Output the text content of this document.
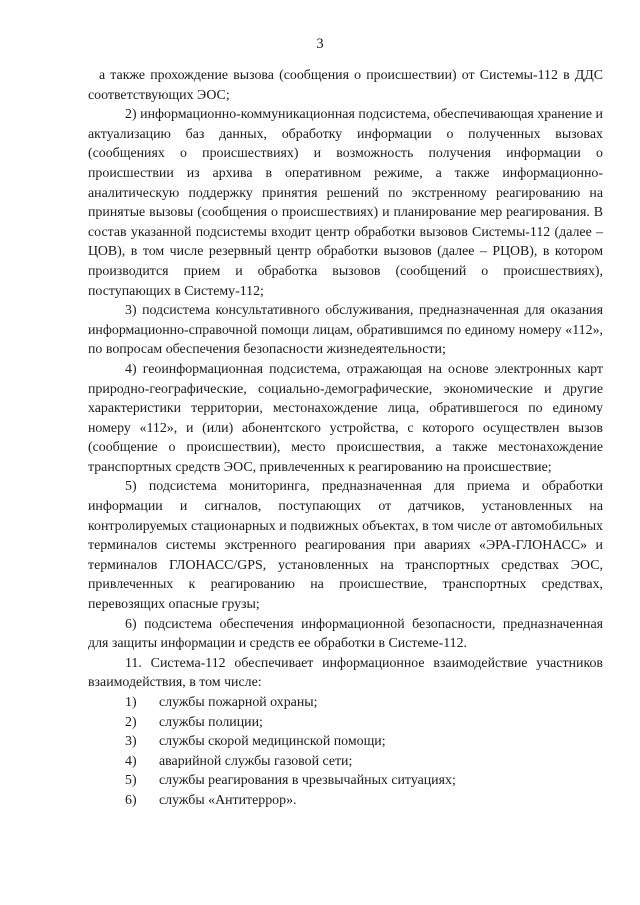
3

а также прохождение вызова (сообщения о происшествии) от Системы-112 в ДДС соответствующих ЭОС;

2) информационно-коммуникационная подсистема, обеспечивающая хранение и актуализацию баз данных, обработку информации о полученных вызовах (сообщениях о происшествиях) и возможность получения информации о происшествии из архива в оперативном режиме, а также информационно-аналитическую поддержку принятия решений по экстренному реагированию на принятые вызовы (сообщения о происшествиях) и планирование мер реагирования. В состав указанной подсистемы входит центр обработки вызовов Системы-112 (далее – ЦОВ), в том числе резервный центр обработки вызовов (далее – РЦОВ), в котором производится прием и обработка вызовов (сообщений о происшествиях), поступающих в Систему-112;

3) подсистема консультативного обслуживания, предназначенная для оказания информационно-справочной помощи лицам, обратившимся по единому номеру «112», по вопросам обеспечения безопасности жизнедеятельности;

4) геоинформационная подсистема, отражающая на основе электронных карт природно-географические, социально-демографические, экономические и другие характеристики территории, местонахождение лица, обратившегося по единому номеру «112», и (или) абонентского устройства, с которого осуществлен вызов (сообщение о происшествии), место происшествия, а также местонахождение транспортных средств ЭОС, привлеченных к реагированию на происшествие;

5) подсистема мониторинга, предназначенная для приема и обработки информации и сигналов, поступающих от датчиков, установленных на контролируемых стационарных и подвижных объектах, в том числе от автомобильных терминалов системы экстренного реагирования при авариях «ЭРА-ГЛОНАСС» и терминалов ГЛОНАСС/GPS, установленных на транспортных средствах ЭОС, привлеченных к реагированию на происшествие, транспортных средствах, перевозящих опасные грузы;

6) подсистема обеспечения информационной безопасности, предназначенная для защиты информации и средств ее обработки в Системе-112.

11. Система-112 обеспечивает информационное взаимодействие участников взаимодействия, в том числе:

1)	службы пожарной охраны;
2)	службы полиции;
3)	службы скорой медицинской помощи;
4)	аварийной службы газовой сети;
5)	службы реагирования в чрезвычайных ситуациях;
6)	службы «Антитеррор».
